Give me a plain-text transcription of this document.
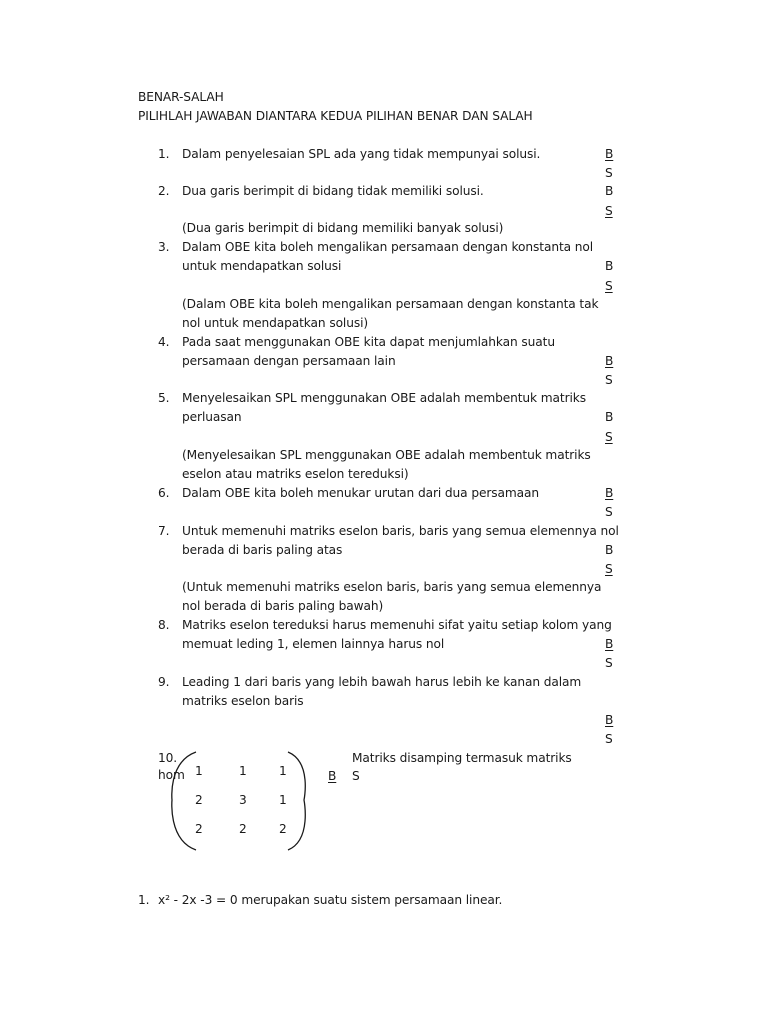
BENAR-SALAH
PILIHLAH JAWABAN DIANTARA KEDUA PILIHAN BENAR DAN SALAH
1. Dalam penyelesaian SPL ada yang tidak mempunyai solusi.	B
S
2. Dua garis berimpit di bidang tidak memiliki solusi.	B
S
(Dua garis berimpit di bidang memiliki banyak solusi)
3. Dalam OBE kita boleh mengalikan persamaan dengan konstanta nol
untuk mendapatkan solusi	B
S
(Dalam OBE kita boleh mengalikan persamaan dengan konstanta tak
nol untuk mendapatkan solusi)
4. Pada saat menggunakan OBE kita dapat menjumlahkan suatu
persamaan dengan persamaan lain	B
S
5. Menyelesaikan SPL menggunakan OBE adalah membentuk matriks
perluasan	B
S
(Menyelesaikan SPL menggunakan OBE adalah membentuk matriks
eselon atau matriks eselon tereduksi)
6. Dalam OBE kita boleh menukar urutan dari dua persamaan	B
S
7. Untuk memenuhi matriks eselon baris, baris yang semua elemennya nol
berada di baris paling atas	B
S
(Untuk memenuhi matriks eselon baris, baris yang semua elemennya
nol berada di baris paling bawah)
8. Matriks eselon tereduksi harus memenuhi sifat yaitu setiap kolom yang
memuat leding 1, elemen lainnya harus nol	B
S
9. Leading 1 dari baris yang lebih bawah harus lebih ke kanan dalam
matriks eselon baris
B
S
10.
hom 1	1	1
2	3	1
2	2	2
B
Matriks disamping termasuk matriks
S
1. x² - 2x -3 = 0 merupakan suatu sistem persamaan linear.
